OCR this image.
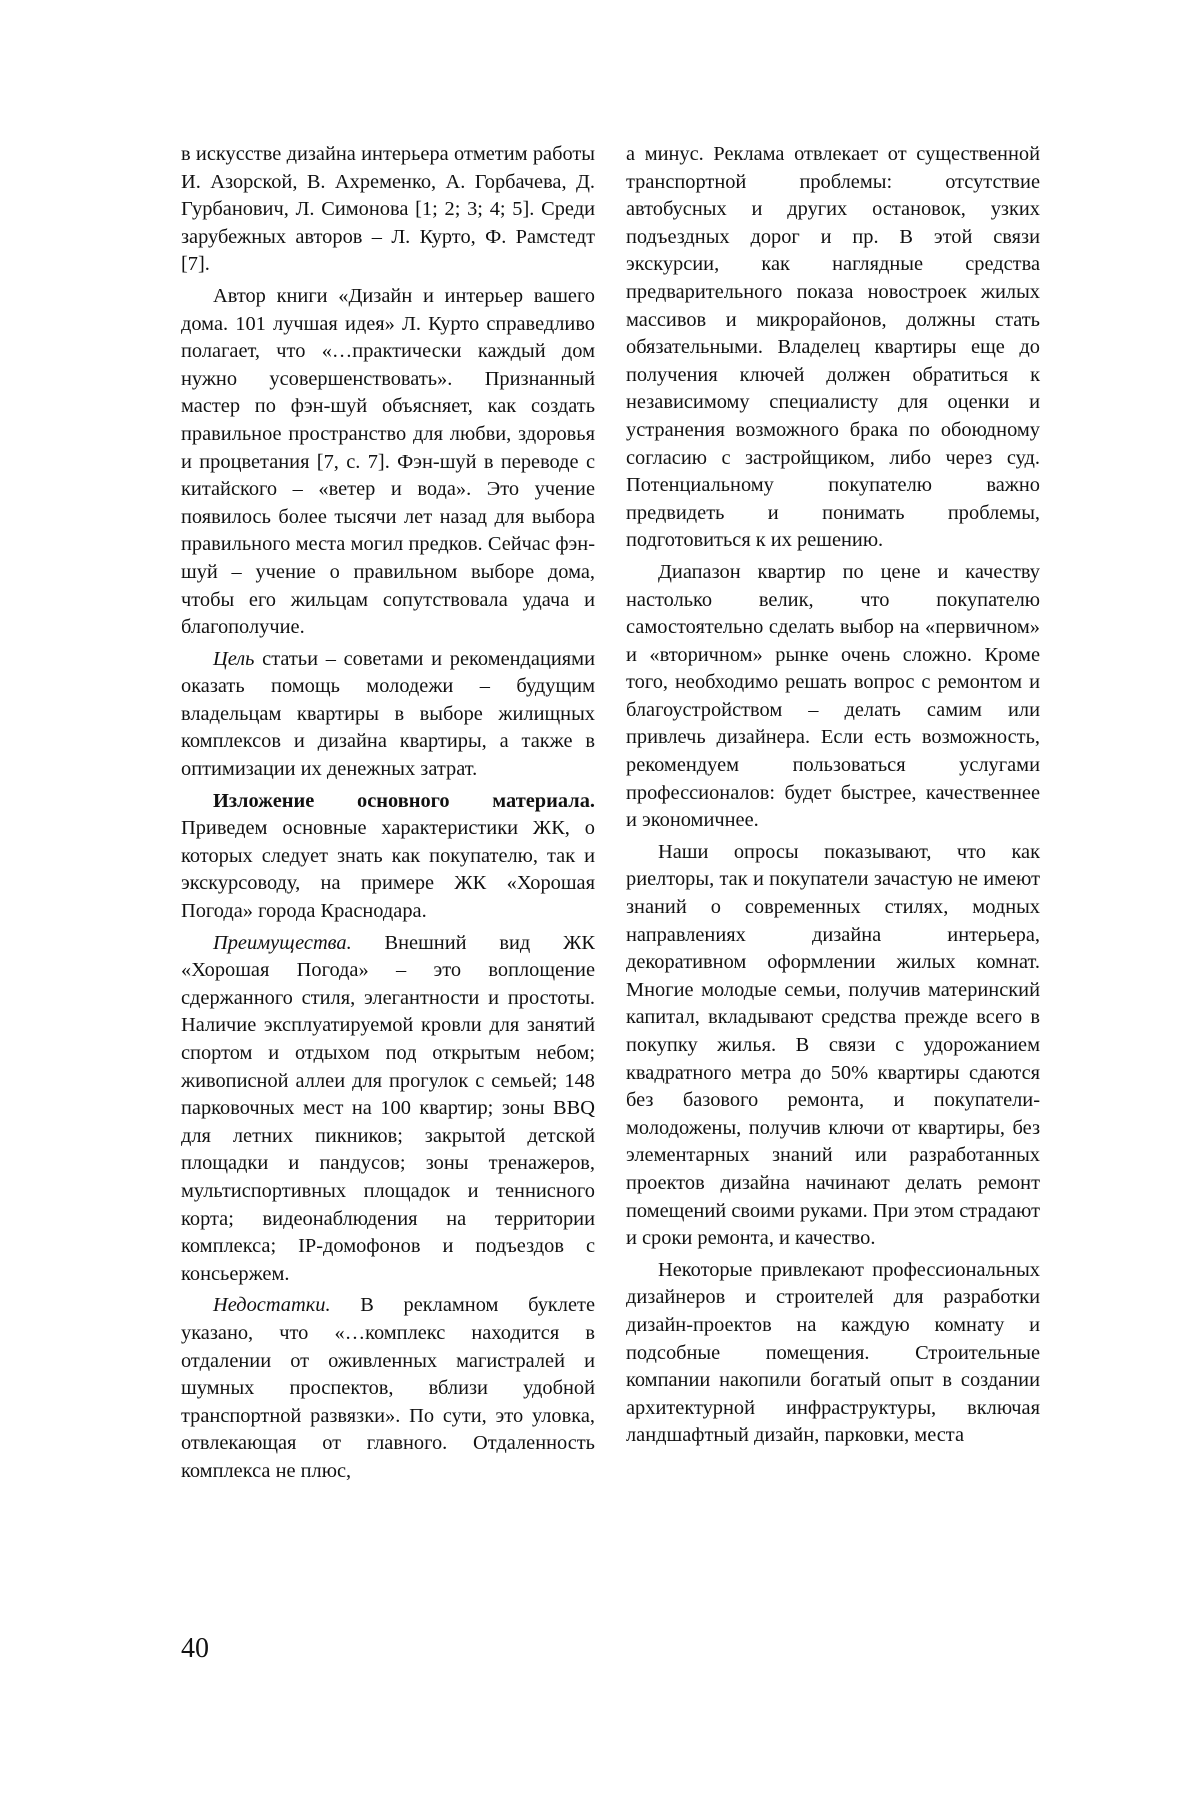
в искусстве дизайна интерьера отметим работы И. Азорской, В. Ахременко, А. Горбачева, Д. Гурбанович, Л. Симонова [1; 2; 3; 4; 5]. Среди зарубежных авторов – Л. Курто, Ф. Рамстедт [7].

Автор книги «Дизайн и интерьер вашего дома. 101 лучшая идея» Л. Курто справедливо полагает, что «…практически каждый дом нужно усовершенствовать». Признанный мастер по фэн-шуй объясняет, как создать правильное пространство для любви, здоровья и процветания [7, с. 7]. Фэн-шуй в переводе с китайского – «ветер и вода». Это учение появилось более тысячи лет назад для выбора правильного места могил предков. Сейчас фэн-шуй – учение о правильном выборе дома, чтобы его жильцам сопутствовала удача и благополучие.

Цель статьи – советами и рекомендациями оказать помощь молодежи – будущим владельцам квартиры в выборе жилищных комплексов и дизайна квартиры, а также в оптимизации их денежных затрат.

Изложение основного материала. Приведем основные характеристики ЖК, о которых следует знать как покупателю, так и экскурсоводу, на примере ЖК «Хорошая Погода» города Краснодара.

Преимущества. Внешний вид ЖК «Хорошая Погода» – это воплощение сдержанного стиля, элегантности и простоты. Наличие эксплуатируемой кровли для занятий спортом и отдыхом под открытым небом; живописной аллеи для прогулок с семьей; 148 парковочных мест на 100 квартир; зоны BBQ для летних пикников; закрытой детской площадки и пандусов; зоны тренажеров, мультиспортивных площадок и теннисного корта; видеонаблюдения на территории комплекса; IP-домофонов и подъездов с консьержем.

Недостатки. В рекламном буклете указано, что «…комплекс находится в отдалении от оживленных магистралей и шумных проспектов, вблизи удобной транспортной развязки». По сути, это уловка, отвлекающая от главного. Отдаленность комплекса не плюс,

а минус. Реклама отвлекает от существенной транспортной проблемы: отсутствие автобусных и других остановок, узких подъездных дорог и пр. В этой связи экскурсии, как наглядные средства предварительного показа новостроек жилых массивов и микрорайонов, должны стать обязательными. Владелец квартиры еще до получения ключей должен обратиться к независимому специалисту для оценки и устранения возможного брака по обоюдному согласию с застройщиком, либо через суд. Потенциальному покупателю важно предвидеть и понимать проблемы, подготовиться к их решению.

Диапазон квартир по цене и качеству настолько велик, что покупателю самостоятельно сделать выбор на «первичном» и «вторичном» рынке очень сложно. Кроме того, необходимо решать вопрос с ремонтом и благоустройством – делать самим или привлечь дизайнера. Если есть возможность, рекомендуем пользоваться услугами профессионалов: будет быстрее, качественнее и экономичнее.

Наши опросы показывают, что как риелторы, так и покупатели зачастую не имеют знаний о современных стилях, модных направлениях дизайна интерьера, декоративном оформлении жилых комнат. Многие молодые семьи, получив материнский капитал, вкладывают средства прежде всего в покупку жилья. В связи с удорожанием квадратного метра до 50% квартиры сдаются без базового ремонта, и покупатели-молодожены, получив ключи от квартиры, без элементарных знаний или разработанных проектов дизайна начинают делать ремонт помещений своими руками. При этом страдают и сроки ремонта, и качество.

Некоторые привлекают профессиональных дизайнеров и строителей для разработки дизайн-проектов на каждую комнату и подсобные помещения. Строительные компании накопили богатый опыт в создании архитектурной инфраструктуры, включая ландшафтный дизайн, парковки, места

40
